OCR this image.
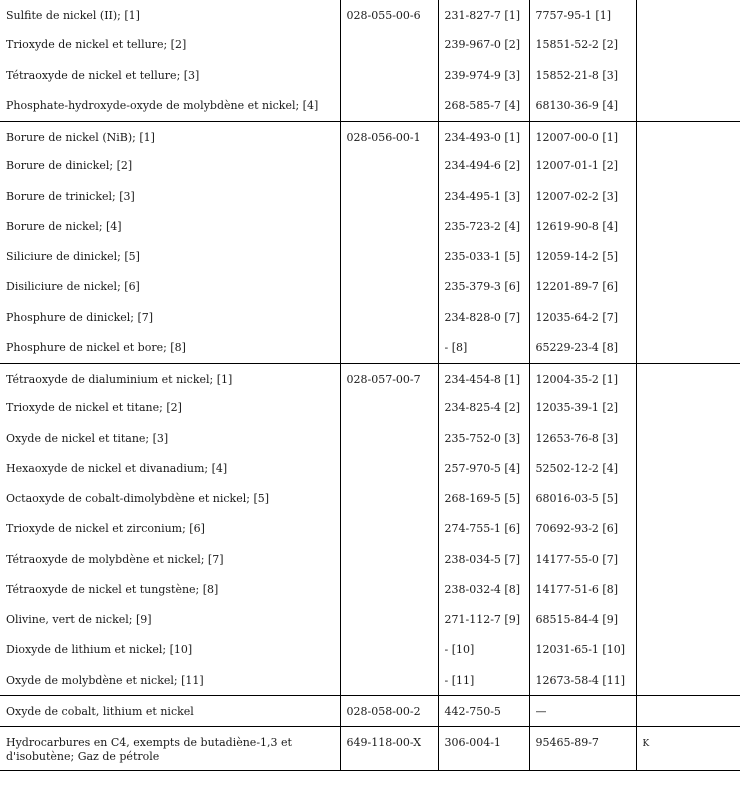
Sulfite de nickel (II); [1]	028-055-00-6	231-827-7 [1]	7757-95-1 [1]	
Trioxyde de nickel et tellure; [2]		239-967-0 [2]	15851-52-2 [2]	
Tétraoxyde de nickel et tellure; [3]		239-974-9 [3]	15852-21-8 [3]	
Phosphate-hydroxyde-oxyde de molybdène et nickel; [4]		268-585-7 [4]	68130-36-9 [4]	
Borure de nickel (NiB); [1]	028-056-00-1	234-493-0 [1]	12007-00-0 [1]	
Borure de dinickel; [2]		234-494-6 [2]	12007-01-1 [2]	
Borure de trinickel; [3]		234-495-1 [3]	12007-02-2 [3]	
Borure de nickel; [4]		235-723-2 [4]	12619-90-8 [4]	
Siliciure de dinickel; [5]		235-033-1 [5]	12059-14-2 [5]	
Disiliciure de nickel; [6]		235-379-3 [6]	12201-89-7 [6]	
Phosphure de dinickel; [7]		234-828-0 [7]	12035-64-2 [7]	
Phosphure de nickel et bore; [8]		- [8]	65229-23-4 [8]	
Tétraoxyde de dialuminium et nickel; [1]	028-057-00-7	234-454-8 [1]	12004-35-2 [1]	
Trioxyde de nickel et titane; [2]		234-825-4 [2]	12035-39-1 [2]	
Oxyde de nickel et titane; [3]		235-752-0 [3]	12653-76-8 [3]	
Hexaoxyde de nickel et divanadium; [4]		257-970-5 [4]	52502-12-2 [4]	
Octaoxyde de cobalt-dimolybdène et nickel; [5]		268-169-5 [5]	68016-03-5 [5]	
Trioxyde de nickel et zirconium; [6]		274-755-1 [6]	70692-93-2 [6]	
Tétraoxyde de molybdène et nickel; [7]		238-034-5 [7]	14177-55-0 [7]	
Tétraoxyde de nickel et tungstène; [8]		238-032-4 [8]	14177-51-6 [8]	
Olivine, vert de nickel; [9]		271-112-7 [9]	68515-84-4 [9]	
Dioxyde de lithium et nickel; [10]		- [10]	12031-65-1 [10]	
Oxyde de molybdène et nickel; [11]		- [11]	12673-58-4 [11]	
Oxyde de cobalt, lithium et nickel	028-058-00-2	442-750-5	—	
Hydrocarbures en C4, exempts de butadiène-1,3 et d'isobutène; Gaz de pétrole	649-118-00-X	306-004-1	95465-89-7	K
